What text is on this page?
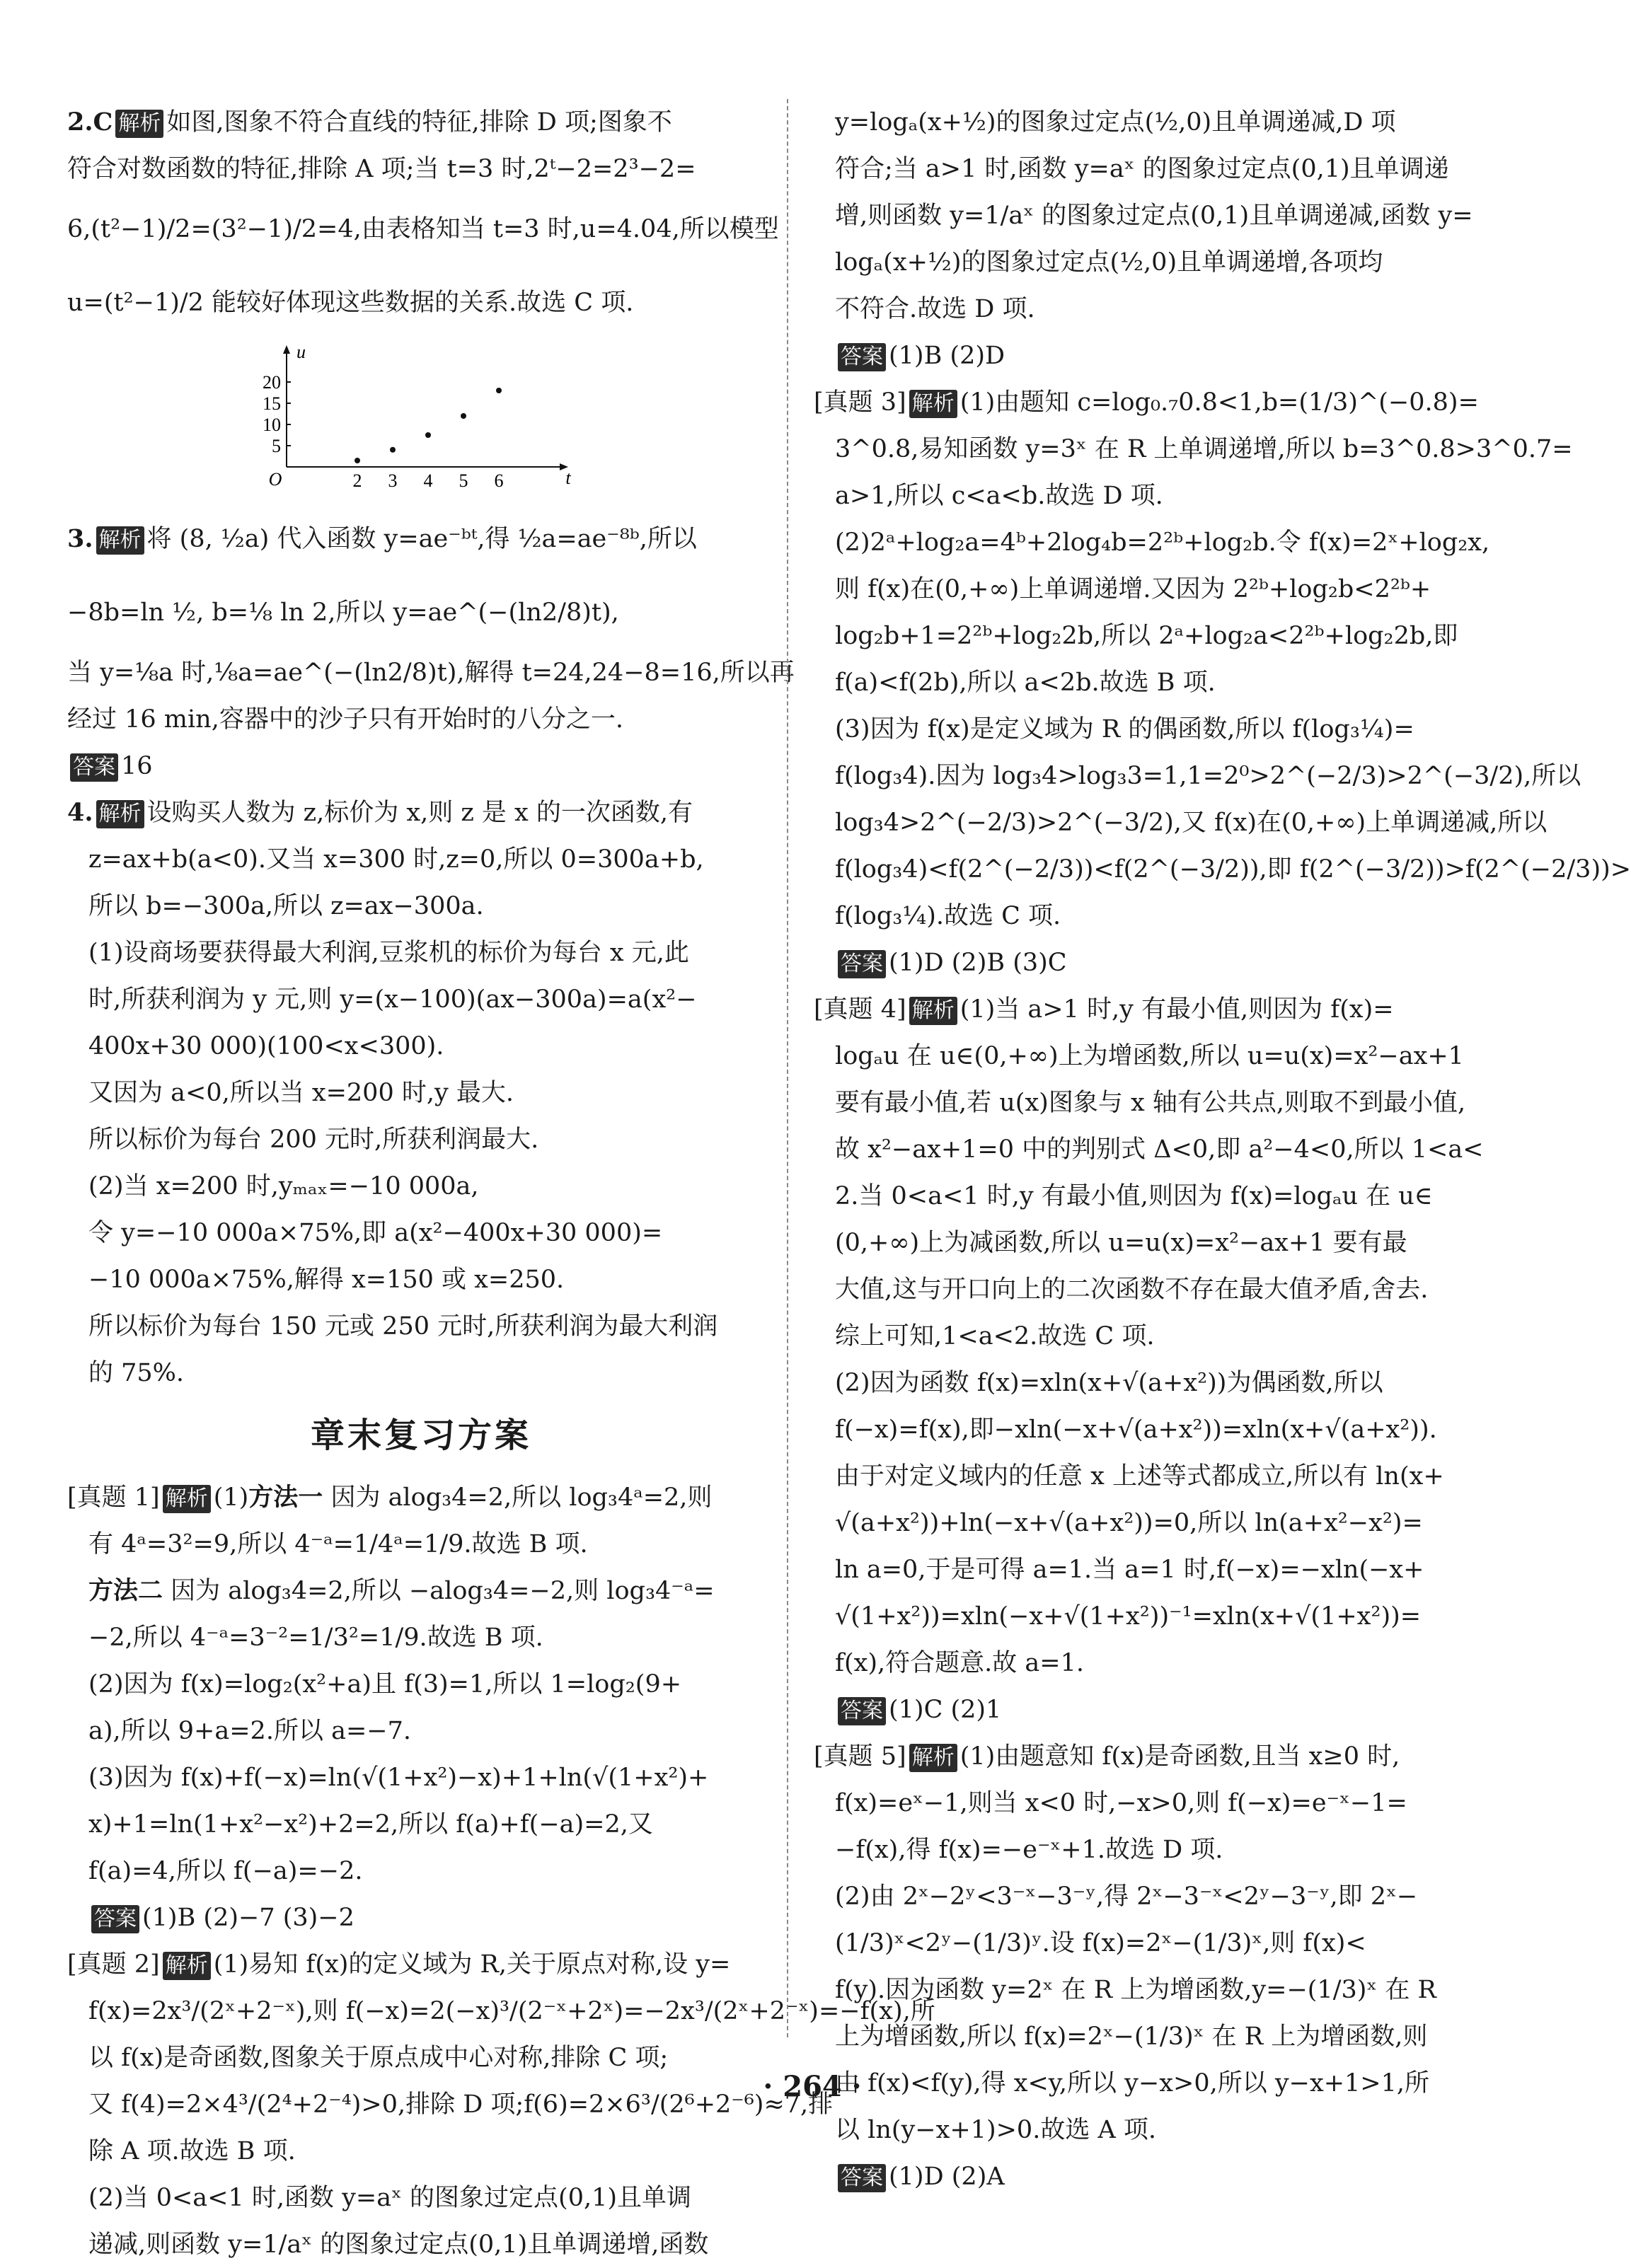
2.C 解析 如图,图象不符合直线的特征,排除 D 项;图象不
符合对数函数的特征,排除 A 项;当 t=3 时,2ᵗ−2=2³−2=
6,(t²−1)/2=(3²−1)/2=4,由表格知当 t=3 时,u=4.04,所以模型
u=(t²−1)/2 能较好体现这些数据的关系.故选 C 项.
O	t
u
2 3 4 5 6
5
10
15
20
3. 解析 将 (8, ½a) 代入函数 y=ae⁻ᵇᵗ,得 ½a=ae⁻⁸ᵇ,所以
−8b=ln ½, b=⅛ ln 2,所以 y=ae^(−(ln2/8)t),
当 y=⅛a 时,⅛a=ae^(−(ln2/8)t),解得 t=24,24−8=16,所以再
经过 16 min,容器中的沙子只有开始时的八分之一.
答案 16
4. 解析 设购买人数为 z,标价为 x,则 z 是 x 的一次函数,有
z=ax+b(a<0).又当 x=300 时,z=0,所以 0=300a+b,
所以 b=−300a,所以 z=ax−300a.
(1)设商场要获得最大利润,豆浆机的标价为每台 x 元,此
时,所获利润为 y 元,则 y=(x−100)(ax−300a)=a(x²−
400x+30 000)(100<x<300).
又因为 a<0,所以当 x=200 时,y 最大.
所以标价为每台 200 元时,所获利润最大.
(2)当 x=200 时,yₘₐₓ=−10 000a,
令 y=−10 000a×75%,即 a(x²−400x+30 000)=
−10 000a×75%,解得 x=150 或 x=250.
所以标价为每台 150 元或 250 元时,所获利润为最大利润
的 75%.
章末复习方案
[真题 1] 解析 (1)方法一 因为 alog₃4=2,所以 log₃4ᵃ=2,则
有 4ᵃ=3²=9,所以 4⁻ᵃ=1/4ᵃ=1/9.故选 B 项.
方法二 因为 alog₃4=2,所以 −alog₃4=−2,则 log₃4⁻ᵃ=
−2,所以 4⁻ᵃ=3⁻²=1/3²=1/9.故选 B 项.
(2)因为 f(x)=log₂(x²+a)且 f(3)=1,所以 1=log₂(9+
a),所以 9+a=2.所以 a=−7.
(3)因为 f(x)+f(−x)=ln(√(1+x²)−x)+1+ln(√(1+x²)+
x)+1=ln(1+x²−x²)+2=2,所以 f(a)+f(−a)=2,又
f(a)=4,所以 f(−a)=−2.
答案 (1)B (2)−7 (3)−2
[真题 2] 解析 (1)易知 f(x)的定义域为 R,关于原点对称,设 y=
f(x)=2x³/(2ˣ+2⁻ˣ),则 f(−x)=2(−x)³/(2⁻ˣ+2ˣ)=−2x³/(2ˣ+2⁻ˣ)=−f(x),所
以 f(x)是奇函数,图象关于原点成中心对称,排除 C 项;
又 f(4)=2×4³/(2⁴+2⁻⁴)>0,排除 D 项;f(6)=2×6³/(2⁶+2⁻⁶)≈7,排
除 A 项.故选 B 项.
(2)当 0<a<1 时,函数 y=aˣ 的图象过定点(0,1)且单调
递减,则函数 y=1/aˣ 的图象过定点(0,1)且单调递增,函数
y=logₐ(x+½)的图象过定点(½,0)且单调递减,D 项
符合;当 a>1 时,函数 y=aˣ 的图象过定点(0,1)且单调递
增,则函数 y=1/aˣ 的图象过定点(0,1)且单调递减,函数 y=
logₐ(x+½)的图象过定点(½,0)且单调递增,各项均
不符合.故选 D 项.
答案 (1)B (2)D
[真题 3] 解析 (1)由题知 c=log₀.₇0.8<1,b=(1/3)^(−0.8)=
3^0.8,易知函数 y=3ˣ 在 R 上单调递增,所以 b=3^0.8>3^0.7=
a>1,所以 c<a<b.故选 D 项.
(2)2ᵃ+log₂a=4ᵇ+2log₄b=2²ᵇ+log₂b.令 f(x)=2ˣ+log₂x,
则 f(x)在(0,+∞)上单调递增.又因为 2²ᵇ+log₂b<2²ᵇ+
log₂b+1=2²ᵇ+log₂2b,所以 2ᵃ+log₂a<2²ᵇ+log₂2b,即
f(a)<f(2b),所以 a<2b.故选 B 项.
(3)因为 f(x)是定义域为 R 的偶函数,所以 f(log₃¼)=
f(log₃4).因为 log₃4>log₃3=1,1=2⁰>2^(−2/3)>2^(−3/2),所以
log₃4>2^(−2/3)>2^(−3/2),又 f(x)在(0,+∞)上单调递减,所以
f(log₃4)<f(2^(−2/3))<f(2^(−3/2)),即 f(2^(−3/2))>f(2^(−2/3))>
f(log₃¼).故选 C 项.
答案 (1)D (2)B (3)C
[真题 4] 解析 (1)当 a>1 时,y 有最小值,则因为 f(x)=
logₐu 在 u∈(0,+∞)上为增函数,所以 u=u(x)=x²−ax+1
要有最小值,若 u(x)图象与 x 轴有公共点,则取不到最小值,
故 x²−ax+1=0 中的判别式 Δ<0,即 a²−4<0,所以 1<a<
2.当 0<a<1 时,y 有最小值,则因为 f(x)=logₐu 在 u∈
(0,+∞)上为减函数,所以 u=u(x)=x²−ax+1 要有最
大值,这与开口向上的二次函数不存在最大值矛盾,舍去.
综上可知,1<a<2.故选 C 项.
(2)因为函数 f(x)=xln(x+√(a+x²))为偶函数,所以
f(−x)=f(x),即−xln(−x+√(a+x²))=xln(x+√(a+x²)).
由于对定义域内的任意 x 上述等式都成立,所以有 ln(x+
√(a+x²))+ln(−x+√(a+x²))=0,所以 ln(a+x²−x²)=
ln a=0,于是可得 a=1.当 a=1 时,f(−x)=−xln(−x+
√(1+x²))=xln(−x+√(1+x²))⁻¹=xln(x+√(1+x²))=
f(x),符合题意.故 a=1.
答案 (1)C (2)1
[真题 5] 解析 (1)由题意知 f(x)是奇函数,且当 x≥0 时,
f(x)=eˣ−1,则当 x<0 时,−x>0,则 f(−x)=e⁻ˣ−1=
−f(x),得 f(x)=−e⁻ˣ+1.故选 D 项.
(2)由 2ˣ−2ʸ<3⁻ˣ−3⁻ʸ,得 2ˣ−3⁻ˣ<2ʸ−3⁻ʸ,即 2ˣ−
(1/3)ˣ<2ʸ−(1/3)ʸ.设 f(x)=2ˣ−(1/3)ˣ,则 f(x)<
f(y).因为函数 y=2ˣ 在 R 上为增函数,y=−(1/3)ˣ 在 R
上为增函数,所以 f(x)=2ˣ−(1/3)ˣ 在 R 上为增函数,则
由 f(x)<f(y),得 x<y,所以 y−x>0,所以 y−x+1>1,所
以 ln(y−x+1)>0.故选 A 项.
答案 (1)D (2)A
· 264 ·
